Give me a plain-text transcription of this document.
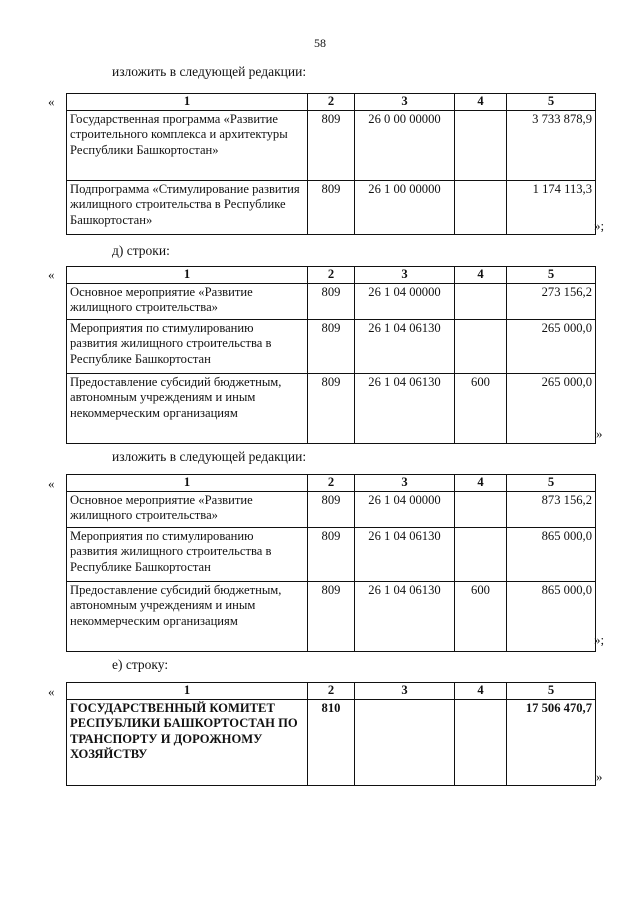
58
изложить в следующей редакции:
«	1	2	3	4	5
Государственная программа «Развитие строительного комплекса и архитектуры Республики Башкортостан»	809	26 0 00 00000		3 733 878,9
Подпрограмма «Стимулирование развития жилищного строительства в Республике Башкортостан»	809	26 1 00 00000		1 174 113,3
»;
д) строки:
«	1	2	3	4	5
Основное мероприятие «Развитие жилищного строительства»	809	26 1 04 00000		273 156,2
Мероприятия по стимулированию развития жилищного строительства в Республике Башкортостан	809	26 1 04 06130		265 000,0
Предоставление субсидий бюджетным, автономным учреждениям и иным некоммерческим организациям	809	26 1 04 06130	600	265 000,0
»
изложить в следующей редакции:
«	1	2	3	4	5
Основное мероприятие «Развитие жилищного строительства»	809	26 1 04 00000		873 156,2
Мероприятия по стимулированию развития жилищного строительства в Республике Башкортостан	809	26 1 04 06130		865 000,0
Предоставление субсидий бюджетным, автономным учреждениям и иным некоммерческим организациям	809	26 1 04 06130	600	865 000,0
»;
е) строку:
«	1	2	3	4	5
ГОСУДАРСТВЕННЫЙ КОМИТЕТ РЕСПУБЛИКИ БАШКОРТОСТАН ПО ТРАНСПОРТУ И ДОРОЖНОМУ ХОЗЯЙСТВУ	810			17 506 470,7
»
